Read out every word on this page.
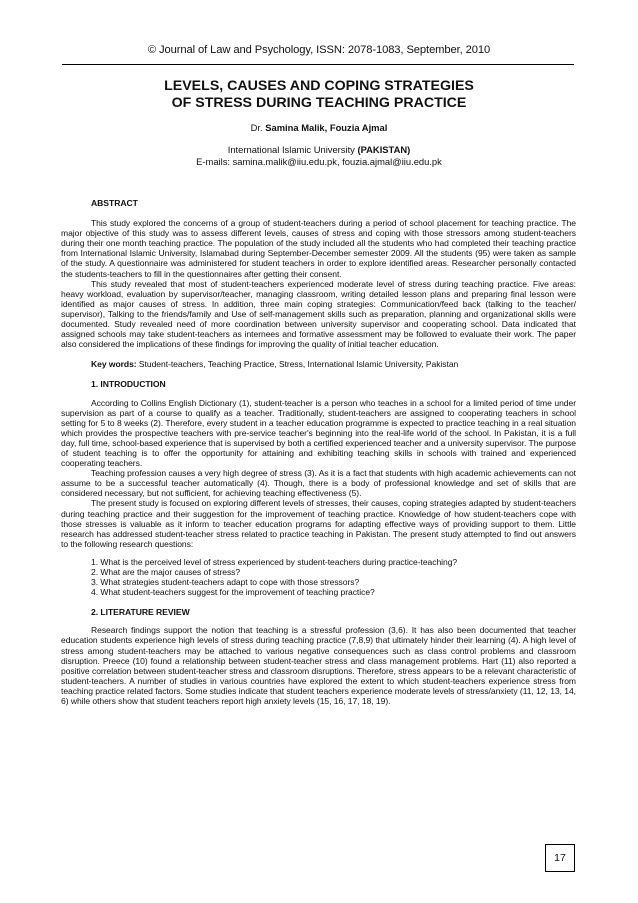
© Journal of Law and Psychology, ISSN: 2078-1083, September, 2010
LEVELS, CAUSES AND COPING STRATEGIES
OF STRESS DURING TEACHING PRACTICE
Dr. Samina Malik, Fouzia Ajmal
International Islamic University (PAKISTAN)
E-mails: samina.malik@iiu.edu.pk, fouzia.ajmal@iiu.edu.pk
ABSTRACT

This study explored the concerns of a group of student-teachers during a period of school placement for teaching practice. The major objective of this study was to assess different levels, causes of stress and coping with those stressors among student-teachers during their one month teaching practice. The population of the study included all the students who had completed their teaching practice from International Islamic University, Islamabad during September-December semester 2009. All the students (95) were taken as sample of the study. A questionnaire was administered for student teachers in order to explore identified areas. Researcher personally contacted the students-teachers to fill in the questionnaires after getting their consent.

This study revealed that most of student-teachers experienced moderate level of stress during teaching practice. Five areas: heavy workload, evaluation by supervisor/teacher, managing classroom, writing detailed lesson plans and preparing final lesson were identified as major causes of stress. In addition, three main coping strategies: Communication/feed back (talking to the teacher/ supervisor), Talking to the friends/family and Use of self-management skills such as preparation, planning and organizational skills were documented. Study revealed need of more coordination between university supervisor and cooperating school. Data indicated that assigned schools may take student-teachers as internees and formative assessment may be followed to evaluate their work. The paper also considered the implications of these findings for improving the quality of initial teacher education.

Key words: Student-teachers, Teaching Practice, Stress, International Islamic University, Pakistan
1. INTRODUCTION

According to Collins English Dictionary (1), student-teacher is a person who teaches in a school for a limited period of time under supervision as part of a course to qualify as a teacher. Traditionally, student-teachers are assigned to cooperating teachers in school setting for 5 to 8 weeks (2). Therefore, every student in a teacher education programme is expected to practice teaching in a real situation which provides the prospective teachers with pre-service teacher's beginning into the real-life world of the school. In Pakistan, it is a full day, full time, school-based experience that is supervised by both a certified experienced teacher and a university supervisor. The purpose of student teaching is to offer the opportunity for attaining and exhibiting teaching skills in schools with trained and experienced cooperating teachers.

Teaching profession causes a very high degree of stress (3). As it is a fact that students with high academic achievements can not assume to be a successful teacher automatically (4). Though, there is a body of professional knowledge and set of skills that are considered necessary, but not sufficient, for achieving teaching effectiveness (5).

The present study is focused on exploring different levels of stresses, their causes, coping strategies adapted by student-teachers during teaching practice and their suggestion for the improvement of teaching practice. Knowledge of how student-teachers cope with those stresses is valuable as it inform to teacher education programs for adapting effective ways of providing support to them. Little research has addressed student-teacher stress related to practice teaching in Pakistan. The present study attempted to find out answers to the following research questions:

1. What is the perceived level of stress experienced by student-teachers during practice-teaching?
2. What are the major causes of stress?
3. What strategies student-teachers adapt to cope with those stressors?
4. What student-teachers suggest for the improvement of teaching practice?
2. LITERATURE REVIEW

Research findings support the notion that teaching is a stressful profession (3,6). It has also been documented that teacher education students experience high levels of stress during teaching practice (7,8,9) that ultimately hinder their learning (4). A high level of stress among student-teachers may be attached to various negative consequences such as class control problems and classroom disruption. Preece (10) found a relationship between student-teacher stress and class management problems. Hart (11) also reported a positive correlation between student-teacher stress and classroom disruptions. Therefore, stress appears to be a relevant characteristic of student-teachers. A number of studies in various countries have explored the extent to which student-teachers experience stress from teaching practice related factors. Some studies indicate that student teachers experience moderate levels of stress/anxiety (11, 12, 13, 14, 6) while others show that student teachers report high anxiety levels (15, 16, 17, 18, 19).

17
